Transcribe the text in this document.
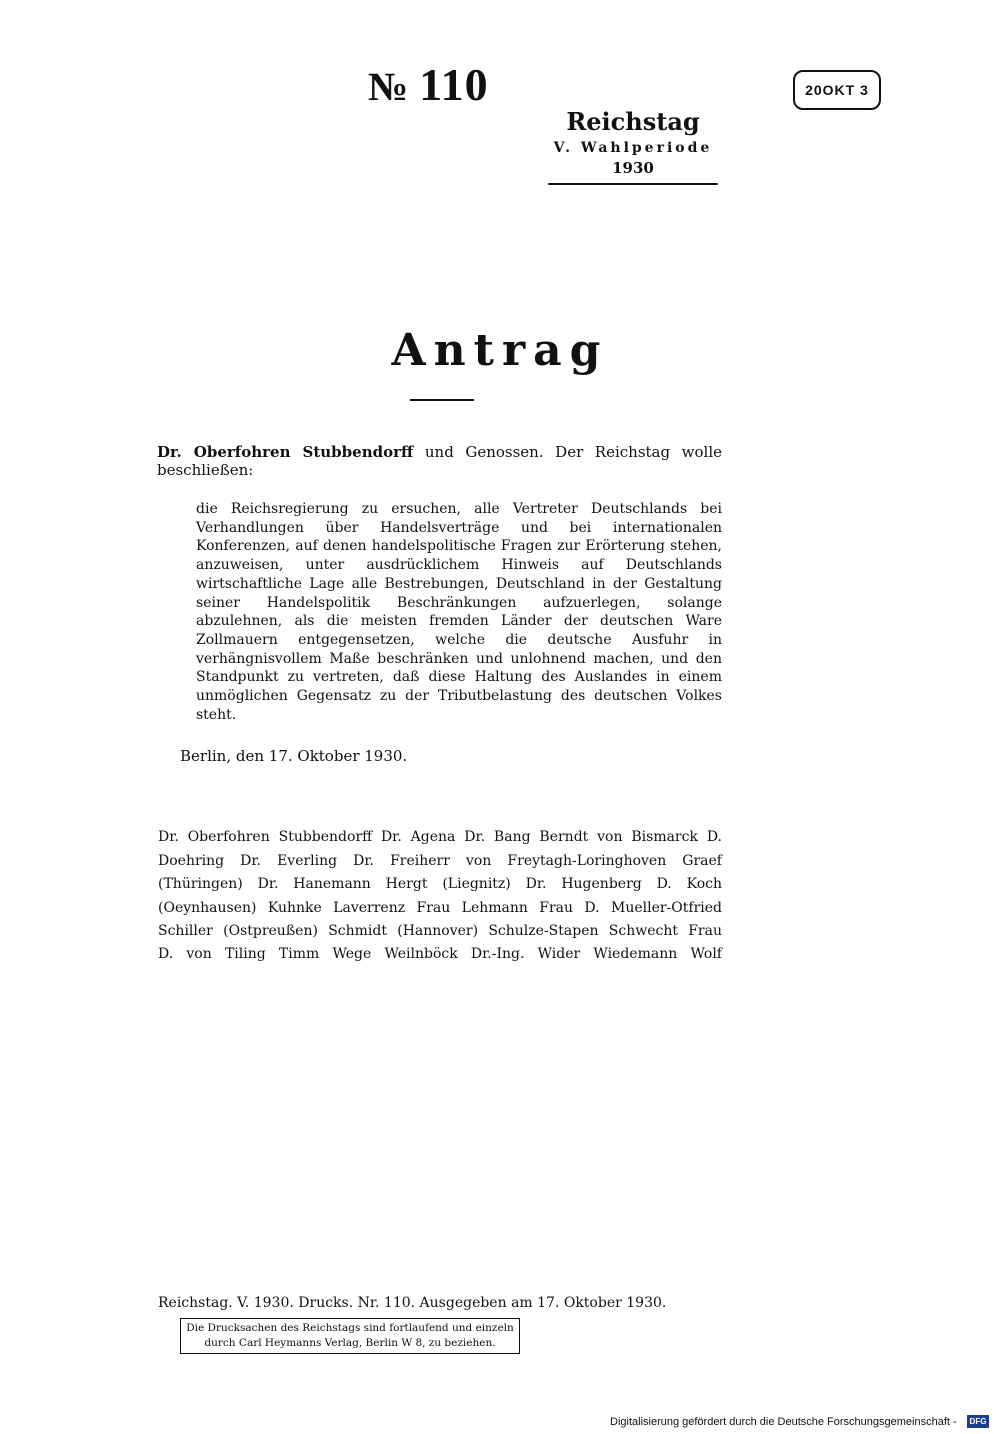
№ 110	20OKT 3
Reichstag
V. Wahlperiode
1930
Antrag
Dr. Oberfohren Stubbendorff und Genossen. Der Reichstag wolle beschließen:
die Reichsregierung zu ersuchen, alle Vertreter Deutschlands bei Verhandlungen über Handelsverträge und bei internationalen Konferenzen, auf denen handelspolitische Fragen zur Erörterung stehen, anzuweisen, unter ausdrücklichem Hinweis auf Deutschlands wirtschaftliche Lage alle Bestrebungen, Deutschland in der Gestaltung seiner Handelspolitik Beschränkungen aufzuerlegen, solange abzulehnen, als die meisten fremden Länder der deutschen Ware Zollmauern entgegensetzen, welche die deutsche Ausfuhr in verhängnisvollem Maße beschränken und unlohnend machen, und den Standpunkt zu vertreten, daß diese Haltung des Auslandes in einem unmöglichen Gegensatz zu der Tributbelastung des deutschen Volkes steht.
Berlin, den 17. Oktober 1930.
Dr. Oberfohren Stubbendorff Dr. Agena Dr. Bang Berndt von Bismarck D. Doehring Dr. Everling Dr. Freiherr von Freytagh-Loringhoven Graef (Thüringen) Dr. Hanemann Hergt (Liegnitz) Dr. Hugenberg D. Koch (Oeynhausen) Kuhnke Laverrenz Frau Lehmann Frau D. Mueller-Otfried Schiller (Ostpreußen) Schmidt (Hannover) Schulze-Stapen Schwecht Frau
D. von Tiling Timm Wege Weilnböck Dr.-Ing. Wider Wiedemann Wolf
Reichstag. V. 1930. Drucks. Nr. 110. Ausgegeben am 17. Oktober 1930.
Die Drucksachen des Reichstags sind fortlaufend und einzeln
durch Carl Heymanns Verlag, Berlin W 8, zu beziehen.
Digitalisierung gefördert durch die Deutsche Forschungsgemeinschaft -	DFG
